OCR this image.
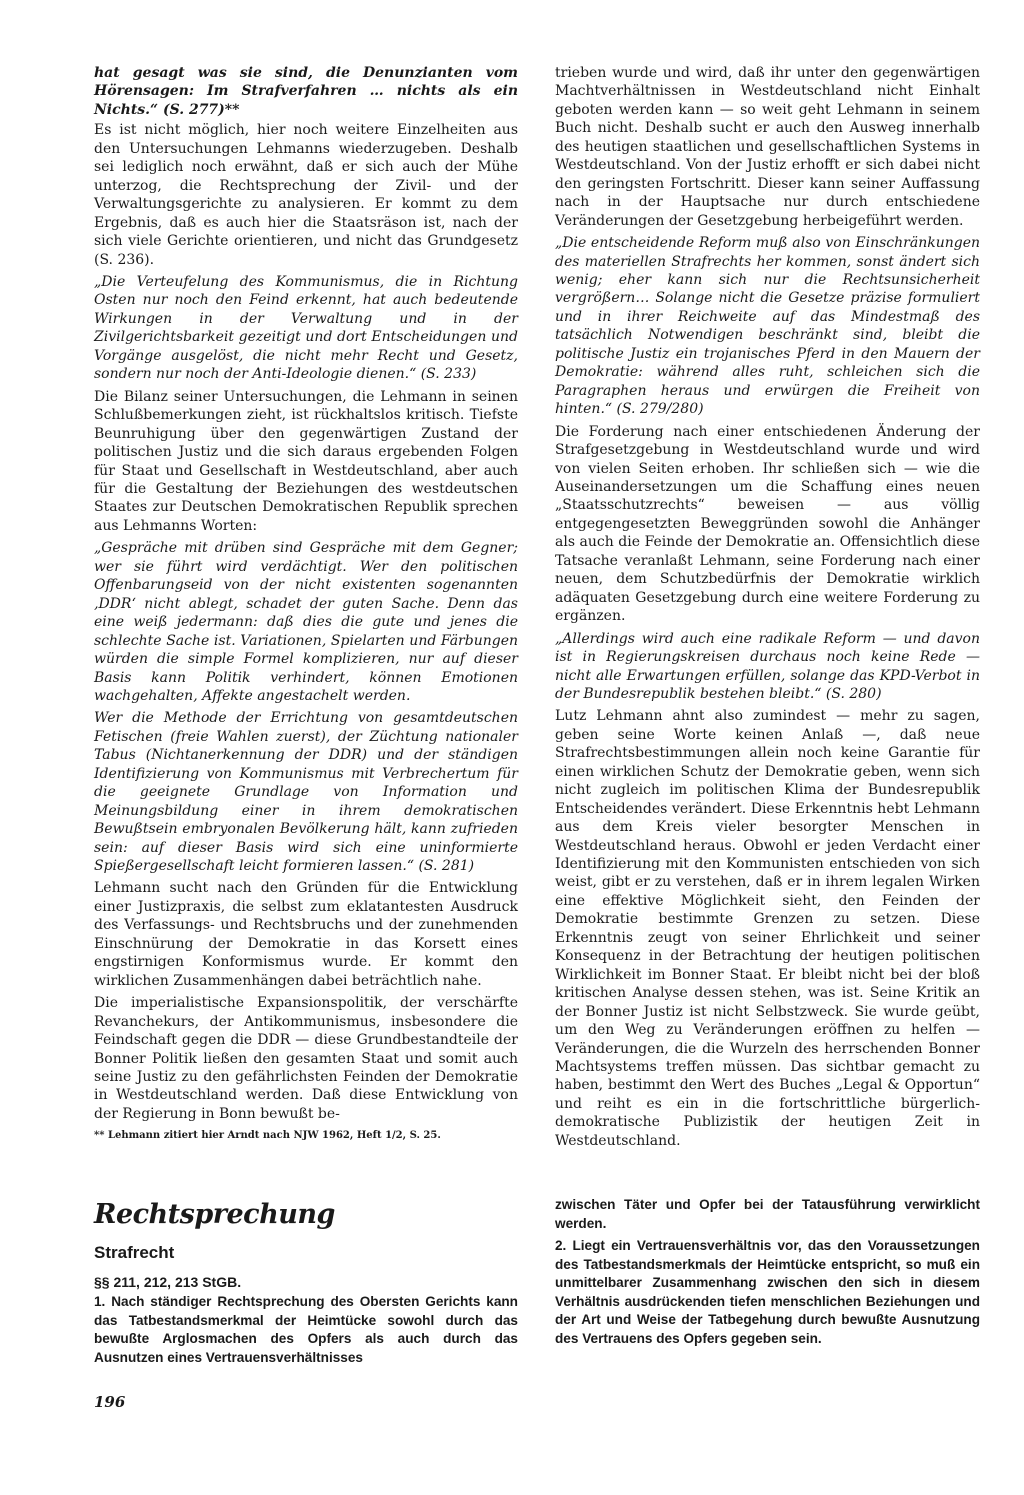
hat gesagt was sie sind, die Denunzianten vom Hörensagen: Im Strafverfahren … nichts als ein Nichts.“ (S. 277)**

Es ist nicht möglich, hier noch weitere Einzelheiten aus den Untersuchungen Lehmanns wiederzugeben. Deshalb sei lediglich noch erwähnt, daß er sich auch der Mühe unterzog, die Rechtsprechung der Zivil- und der Verwaltungsgerichte zu analysieren. Er kommt zu dem Ergebnis, daß es auch hier die Staatsräson ist, nach der sich viele Gerichte orientieren, und nicht das Grundgesetz (S. 236).

„Die Verteufelung des Kommunismus, die in Richtung Osten nur noch den Feind erkennt, hat auch bedeutende Wirkungen in der Verwaltung und in der Zivilgerichtsbarkeit gezeitigt und dort Entscheidungen und Vorgänge ausgelöst, die nicht mehr Recht und Gesetz, sondern nur noch der Anti-Ideologie dienen.“ (S. 233)

Die Bilanz seiner Untersuchungen, die Lehmann in seinen Schlußbemerkungen zieht, ist rückhaltslos kritisch. Tiefste Beunruhigung über den gegenwärtigen Zustand der politischen Justiz und die sich daraus ergebenden Folgen für Staat und Gesellschaft in Westdeutschland, aber auch für die Gestaltung der Beziehungen des westdeutschen Staates zur Deutschen Demokratischen Republik sprechen aus Lehmanns Worten:

„Gespräche mit drüben sind Gespräche mit dem Gegner; wer sie führt wird verdächtigt. Wer den politischen Offenbarungseid von der nicht existenten sogenannten ‚DDR‘ nicht ablegt, schadet der guten Sache. Denn das eine weiß jedermann: daß dies die gute und jenes die schlechte Sache ist. Variationen, Spielarten und Färbungen würden die simple Formel komplizieren, nur auf dieser Basis kann Politik verhindert, können Emotionen wachgehalten, Affekte angestachelt werden.

Wer die Methode der Errichtung von gesamtdeutschen Fetischen (freie Wahlen zuerst), der Züchtung nationaler Tabus (Nichtanerkennung der DDR) und der ständigen Identifizierung von Kommunismus mit Verbrechertum für die geeignete Grundlage von Information und Meinungsbildung einer in ihrem demokratischen Bewußtsein embryonalen Bevölkerung hält, kann zufrieden sein: auf dieser Basis wird sich eine uninformierte Spießergesellschaft leicht formieren lassen.“ (S. 281)

Lehmann sucht nach den Gründen für die Entwicklung einer Justizpraxis, die selbst zum eklatantesten Ausdruck des Verfassungs- und Rechtsbruchs und der zunehmenden Einschnürung der Demokratie in das Korsett eines engstirnigen Konformismus wurde. Er kommt den wirklichen Zusammenhängen dabei beträchtlich nahe.

Die imperialistische Expansionspolitik, der verschärfte Revanchekurs, der Antikommunismus, insbesondere die Feindschaft gegen die DDR — diese Grundbestandteile der Bonner Politik ließen den gesamten Staat und somit auch seine Justiz zu den gefährlichsten Feinden der Demokratie in Westdeutschland werden. Daß diese Entwicklung von der Regierung in Bonn bewußt be-

** Lehmann zitiert hier Arndt nach NJW 1962, Heft 1/2, S. 25.

trieben wurde und wird, daß ihr unter den gegenwärtigen Machtverhältnissen in Westdeutschland nicht Einhalt geboten werden kann — so weit geht Lehmann in seinem Buch nicht. Deshalb sucht er auch den Ausweg innerhalb des heutigen staatlichen und gesellschaftlichen Systems in Westdeutschland. Von der Justiz erhofft er sich dabei nicht den geringsten Fortschritt. Dieser kann seiner Auffassung nach in der Hauptsache nur durch entschiedene Veränderungen der Gesetzgebung herbeigeführt werden.

„Die entscheidende Reform muß also von Einschränkungen des materiellen Strafrechts her kommen, sonst ändert sich wenig; eher kann sich nur die Rechtsunsicherheit vergrößern… Solange nicht die Gesetze präzise formuliert und in ihrer Reichweite auf das Mindestmaß des tatsächlich Notwendigen beschränkt sind, bleibt die politische Justiz ein trojanisches Pferd in den Mauern der Demokratie: während alles ruht, schleichen sich die Paragraphen heraus und erwürgen die Freiheit von hinten.“ (S. 279/280)

Die Forderung nach einer entschiedenen Änderung der Strafgesetzgebung in Westdeutschland wurde und wird von vielen Seiten erhoben. Ihr schließen sich — wie die Auseinandersetzungen um die Schaffung eines neuen „Staatsschutzrechts“ beweisen — aus völlig entgegengesetzten Beweggründen sowohl die Anhänger als auch die Feinde der Demokratie an. Offensichtlich diese Tatsache veranlaßt Lehmann, seine Forderung nach einer neuen, dem Schutzbedürfnis der Demokratie wirklich adäquaten Gesetzgebung durch eine weitere Forderung zu ergänzen.

„Allerdings wird auch eine radikale Reform — und davon ist in Regierungskreisen durchaus noch keine Rede — nicht alle Erwartungen erfüllen, solange das KPD-Verbot in der Bundesrepublik bestehen bleibt.“ (S. 280)

Lutz Lehmann ahnt also zumindest — mehr zu sagen, geben seine Worte keinen Anlaß —, daß neue Strafrechtsbestimmungen allein noch keine Garantie für einen wirklichen Schutz der Demokratie geben, wenn sich nicht zugleich im politischen Klima der Bundesrepublik Entscheidendes verändert. Diese Erkenntnis hebt Lehmann aus dem Kreis vieler besorgter Menschen in Westdeutschland heraus. Obwohl er jeden Verdacht einer Identifizierung mit den Kommunisten entschieden von sich weist, gibt er zu verstehen, daß er in ihrem legalen Wirken eine effektive Möglichkeit sieht, den Feinden der Demokratie bestimmte Grenzen zu setzen. Diese Erkenntnis zeugt von seiner Ehrlichkeit und seiner Konsequenz in der Betrachtung der heutigen politischen Wirklichkeit im Bonner Staat. Er bleibt nicht bei der bloß kritischen Analyse dessen stehen, was ist. Seine Kritik an der Bonner Justiz ist nicht Selbstzweck. Sie wurde geübt, um den Weg zu Veränderungen eröffnen zu helfen — Veränderungen, die die Wurzeln des herrschenden Bonner Machtsystems treffen müssen. Das sichtbar gemacht zu haben, bestimmt den Wert des Buches „Legal & Opportun“ und reiht es ein in die fortschrittliche bürgerlich-demokratische Publizistik der heutigen Zeit in Westdeutschland.

Rechtsprechung
Strafrecht
§§ 211, 212, 213 StGB.
1. Nach ständiger Rechtsprechung des Obersten Gerichts kann das Tatbestandsmerkmal der Heimtücke sowohl durch das bewußte Arglosmachen des Opfers als auch durch das Ausnutzen eines Vertrauensverhältnisses
zwischen Täter und Opfer bei der Tatausführung verwirklicht werden.
2. Liegt ein Vertrauensverhältnis vor, das den Voraussetzungen des Tatbestandsmerkmals der Heimtücke entspricht, so muß ein unmittelbarer Zusammenhang zwischen den sich in diesem Verhältnis ausdrückenden tiefen menschlichen Beziehungen und der Art und Weise der Tatbegehung durch bewußte Ausnutzung des Vertrauens des Opfers gegeben sein.
196
